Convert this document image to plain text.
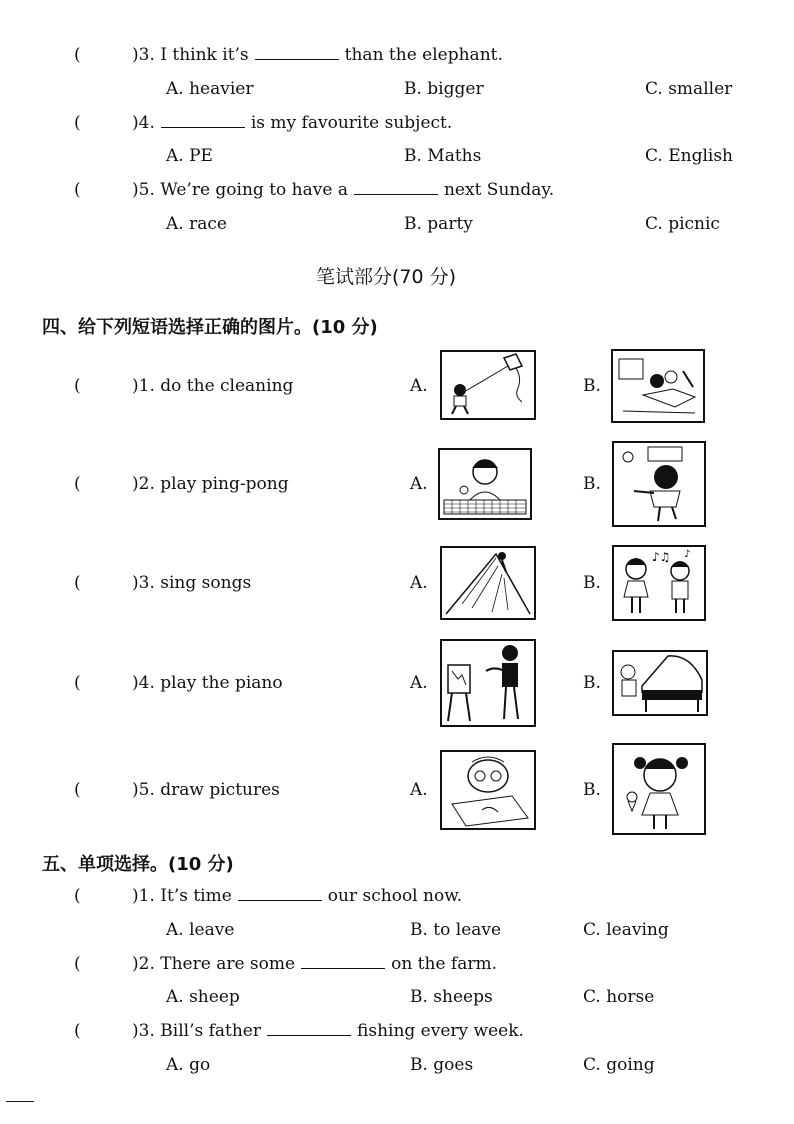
(	)3. I think it’s	than the elephant.
A. heavier	B. bigger	C. smaller
(	)4.	is my favourite subject.
A. PE	B. Maths	C. English
(	)5. We’re going to have a	next Sunday.
A. race	B. party	C. picnic
笔试部分(70 分)
四、给下列短语选择正确的图片。(10 分)
(	)1. do the cleaning	A.	B.
(	)2. play ping-pong	A.	B.
(	)3. sing songs	A.	B.
♪♫ ♪
(	)4. play the piano	A.	B.
(	)5. draw pictures	A.	B.
五、单项选择。(10 分)
(	)1. It’s time	our school now.
A. leave	B. to leave	C. leaving
(	)2. There are some	on the farm.
A. sheep	B. sheeps	C. horse
(	)3. Bill’s father	fishing every week.
A. go	B. goes	C. going
